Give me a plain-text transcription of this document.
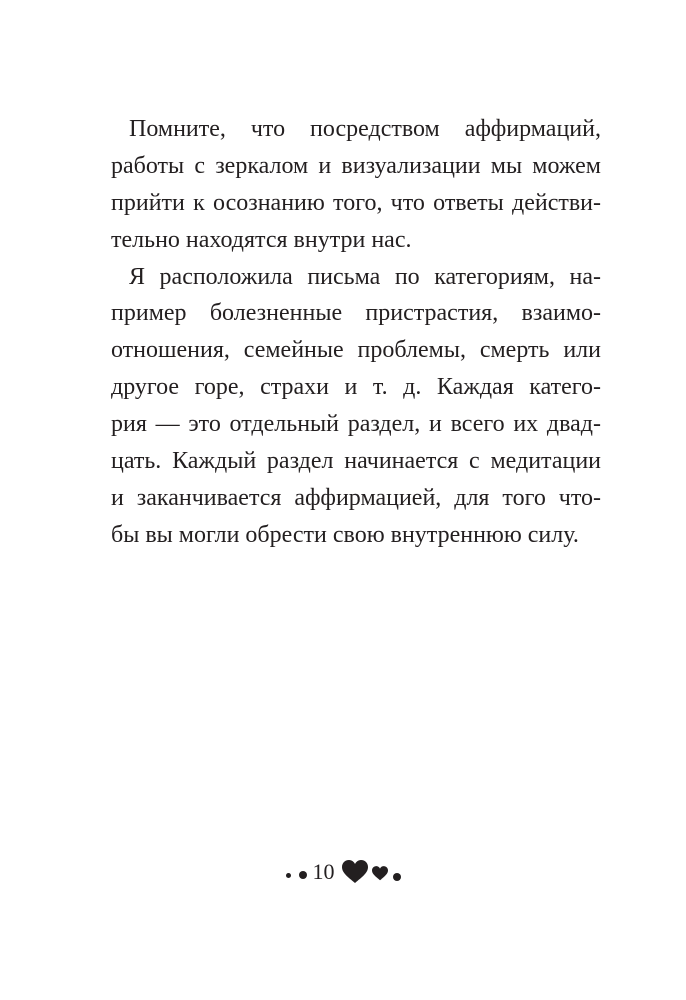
Помните, что посредством аффирмаций,
работы с зеркалом и визуализации мы можем
прийти к осознанию того, что ответы действи-
тельно находятся внутри нас.
Я расположила письма по категориям, на-
пример болезненные пристрастия, взаимо-
отношения, семейные проблемы, смерть или
другое горе, страхи и т. д. Каждая катего-
рия — это отдельный раздел, и всего их двад-
цать. Каждый раздел начинается с медитации
и заканчивается аффирмацией, для того что-
бы вы могли обрести свою внутреннюю силу.
10
